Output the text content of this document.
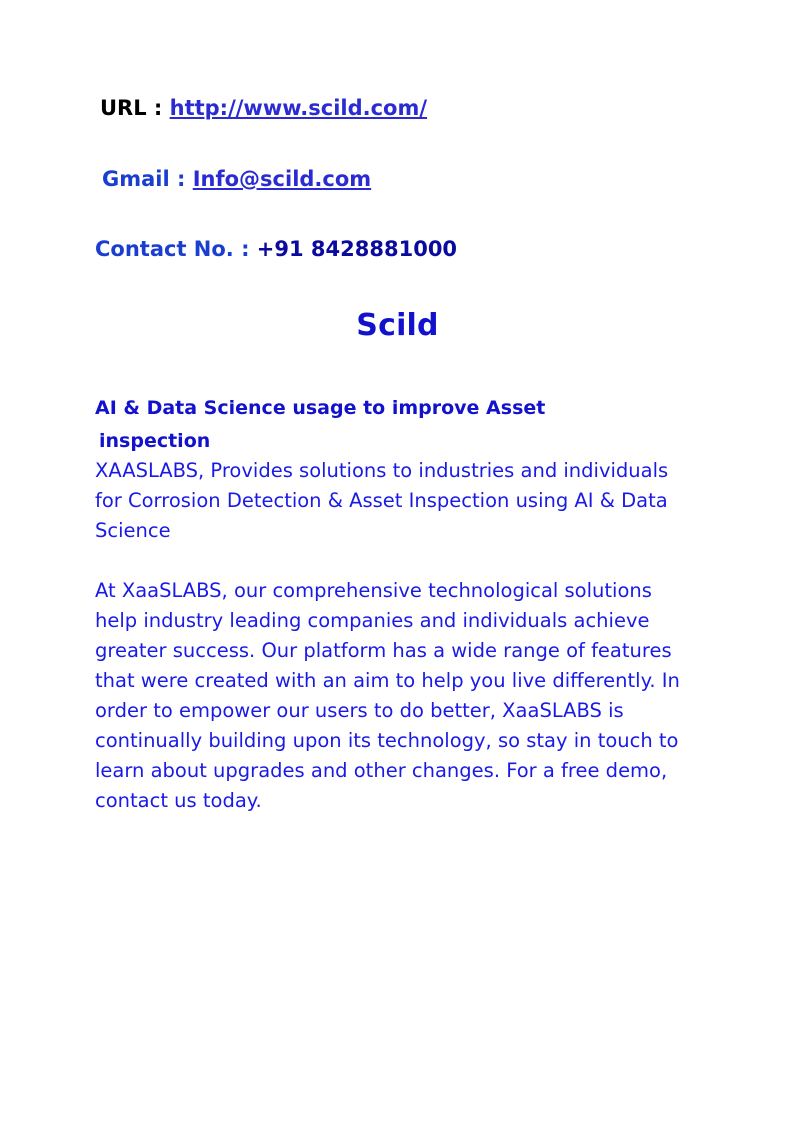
URL : http://www.scild.com/
Gmail : Info@scild.com
Contact No. : +91 8428881000
Scild
AI & Data Science usage to improve Asset
inspection
XAASLABS, Provides solutions to industries and individuals for Corrosion Detection & Asset Inspection using AI & Data Science
At XaaSLABS, our comprehensive technological solutions help industry leading companies and individuals achieve greater success. Our platform has a wide range of features that were created with an aim to help you live differently. In order to empower our users to do better, XaaSLABS is continually building upon its technology, so stay in touch to learn about upgrades and other changes. For a free demo, contact us today.
